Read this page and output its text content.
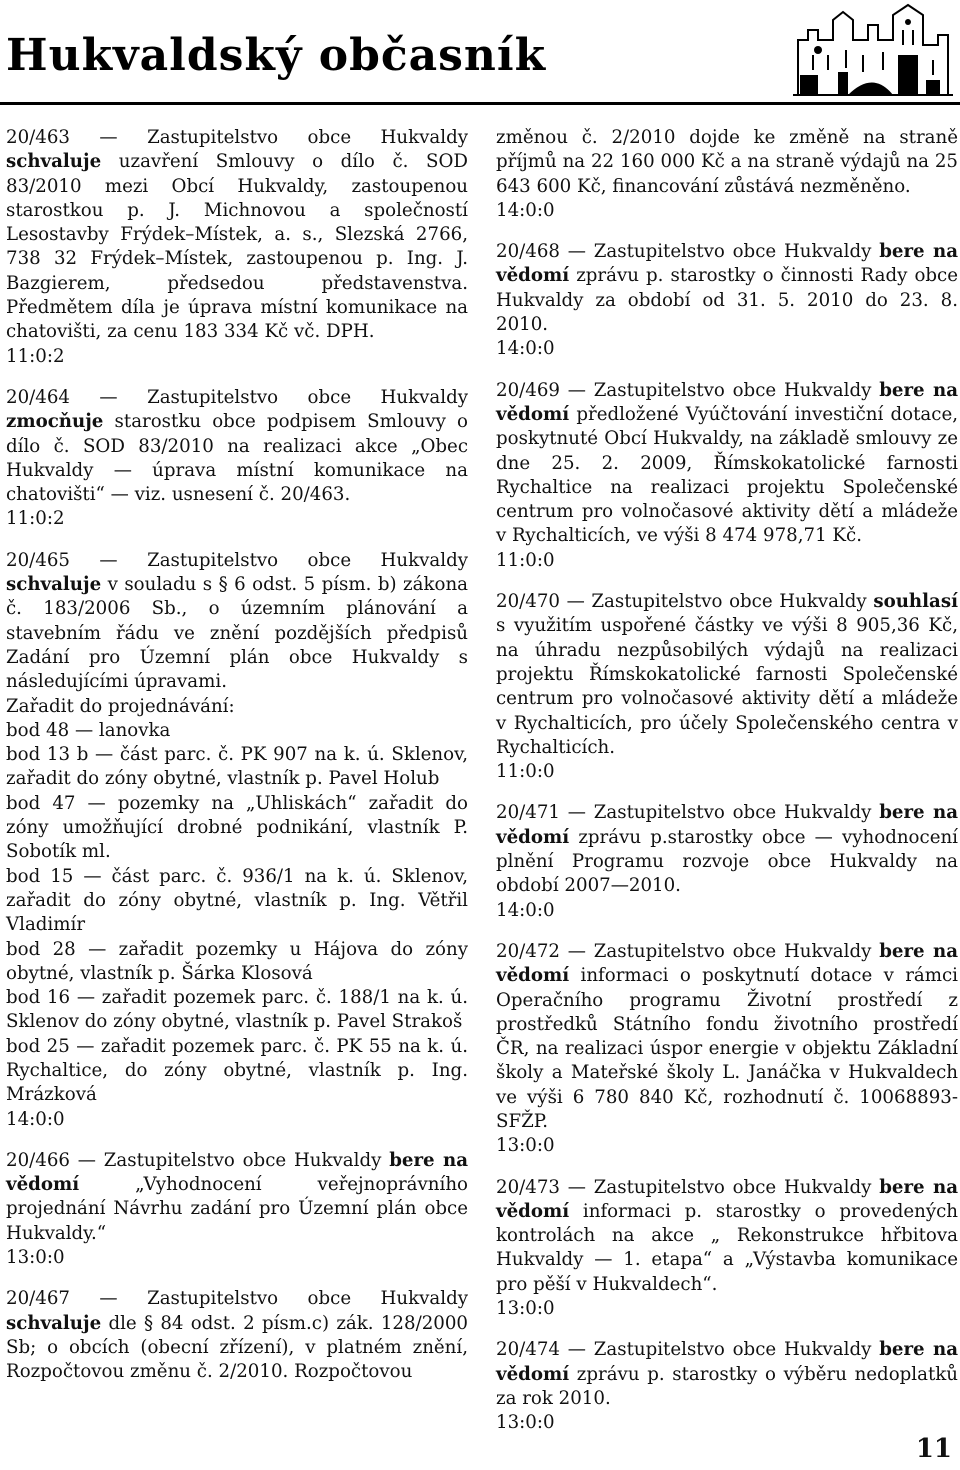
Hukvaldský občasník
20/463 — Zastupitelstvo obce Hukvaldy schvaluje uzavření Smlouvy o dílo č. SOD 83/2010 mezi Obcí Hukvaldy, zastoupenou starostkou p. J. Michnovou a společností Lesostavby Frýdek–Místek, a. s., Slezská 2766, 738 32 Frýdek–Místek, zastoupenou p. Ing. J. Bazgierem, předsedou představenstva. Předmětem díla je úprava místní komunikace na chatovišti, za cenu 183 334 Kč vč. DPH.
11:0:2
20/464 — Zastupitelstvo obce Hukvaldy zmocňuje starostku obce podpisem Smlouvy o dílo č. SOD 83/2010 na realizaci akce „Obec Hukvaldy — úprava místní komunikace na chatovišti“ — viz. usnesení č. 20/463.
11:0:2
20/465 — Zastupitelstvo obce Hukvaldy schvaluje v souladu s § 6 odst. 5 písm. b) zákona č. 183/2006 Sb., o územním plánování a stavebním řádu ve znění pozdějších předpisů Zadání pro Územní plán obce Hukvaldy s následujícími úpravami.
Zařadit do projednávání:
bod 48 — lanovka
bod 13 b — část parc. č. PK 907 na k. ú. Sklenov, zařadit do zóny obytné, vlastník p. Pavel Holub
bod 47 — pozemky na „Uhliskách“ zařadit do zóny umožňující drobné podnikání, vlastník P. Sobotík ml.
bod 15 — část parc. č. 936/1 na k. ú. Sklenov, zařadit do zóny obytné, vlastník p. Ing. Větřil Vladimír
bod 28 — zařadit pozemky u Hájova do zóny obytné, vlastník p. Šárka Klosová
bod 16 — zařadit pozemek parc. č. 188/1 na k. ú. Sklenov do zóny obytné, vlastník p. Pavel Strakoš
bod 25 — zařadit pozemek parc. č. PK 55 na k. ú. Rychaltice, do zóny obytné, vlastník p. Ing. Mrázková
14:0:0
20/466 — Zastupitelstvo obce Hukvaldy bere na vědomí „Vyhodnocení veřejnoprávního projednání Návrhu zadání pro Územní plán obce Hukvaldy.“
13:0:0
20/467 — Zastupitelstvo obce Hukvaldy schvaluje dle § 84 odst. 2 písm.c) zák. 128/2000 Sb; o obcích (obecní zřízení), v platném znění, Rozpočtovou změnu č. 2/2010. Rozpočtovou
změnou č. 2/2010 dojde ke změně na straně příjmů na 22 160 000 Kč a na straně výdajů na 25 643 600 Kč, financování zůstává nezměněno.
14:0:0
20/468 — Zastupitelstvo obce Hukvaldy bere na vědomí zprávu p. starostky o činnosti Rady obce Hukvaldy za období od 31. 5. 2010 do 23. 8. 2010.
14:0:0
20/469 — Zastupitelstvo obce Hukvaldy bere na vědomí předložené Vyúčtování investiční dotace, poskytnuté Obcí Hukvaldy, na základě smlouvy ze dne 25. 2. 2009, Římskokatolické farnosti Rychaltice na realizaci projektu Společenské centrum pro volnočasové aktivity dětí a mládeže v Rychalticích, ve výši 8 474 978,71 Kč.
11:0:0
20/470 — Zastupitelstvo obce Hukvaldy souhlasí s využitím uspořené částky ve výši 8 905,36 Kč, na úhradu nezpůsobilých výdajů na realizaci projektu Římskokatolické farnosti Společenské centrum pro volnočasové aktivity dětí a mládeže v Rychalticích, pro účely Společenského centra v Rychalticích.
11:0:0
20/471 — Zastupitelstvo obce Hukvaldy bere na vědomí zprávu p.starostky obce — vyhodnocení plnění Programu rozvoje obce Hukvaldy na období 2007—2010.
14:0:0
20/472 — Zastupitelstvo obce Hukvaldy bere na vědomí informaci o poskytnutí dotace v rámci Operačního programu Životní prostředí z prostředků Státního fondu životního prostředí ČR, na realizaci úspor energie v objektu Základní školy a Mateřské školy L. Janáčka v Hukvaldech ve výši 6 780 840 Kč, rozhodnutí č. 10068893-SFŽP.
13:0:0
20/473 — Zastupitelstvo obce Hukvaldy bere na vědomí informaci p. starostky o provedených kontrolách na akce „ Rekonstrukce hřbitova Hukvaldy — 1. etapa“ a „Výstavba komunikace pro pěší v Hukvaldech“.
13:0:0
20/474 — Zastupitelstvo obce Hukvaldy bere na vědomí zprávu p. starostky o výběru nedoplatků za rok 2010.
13:0:0
11
